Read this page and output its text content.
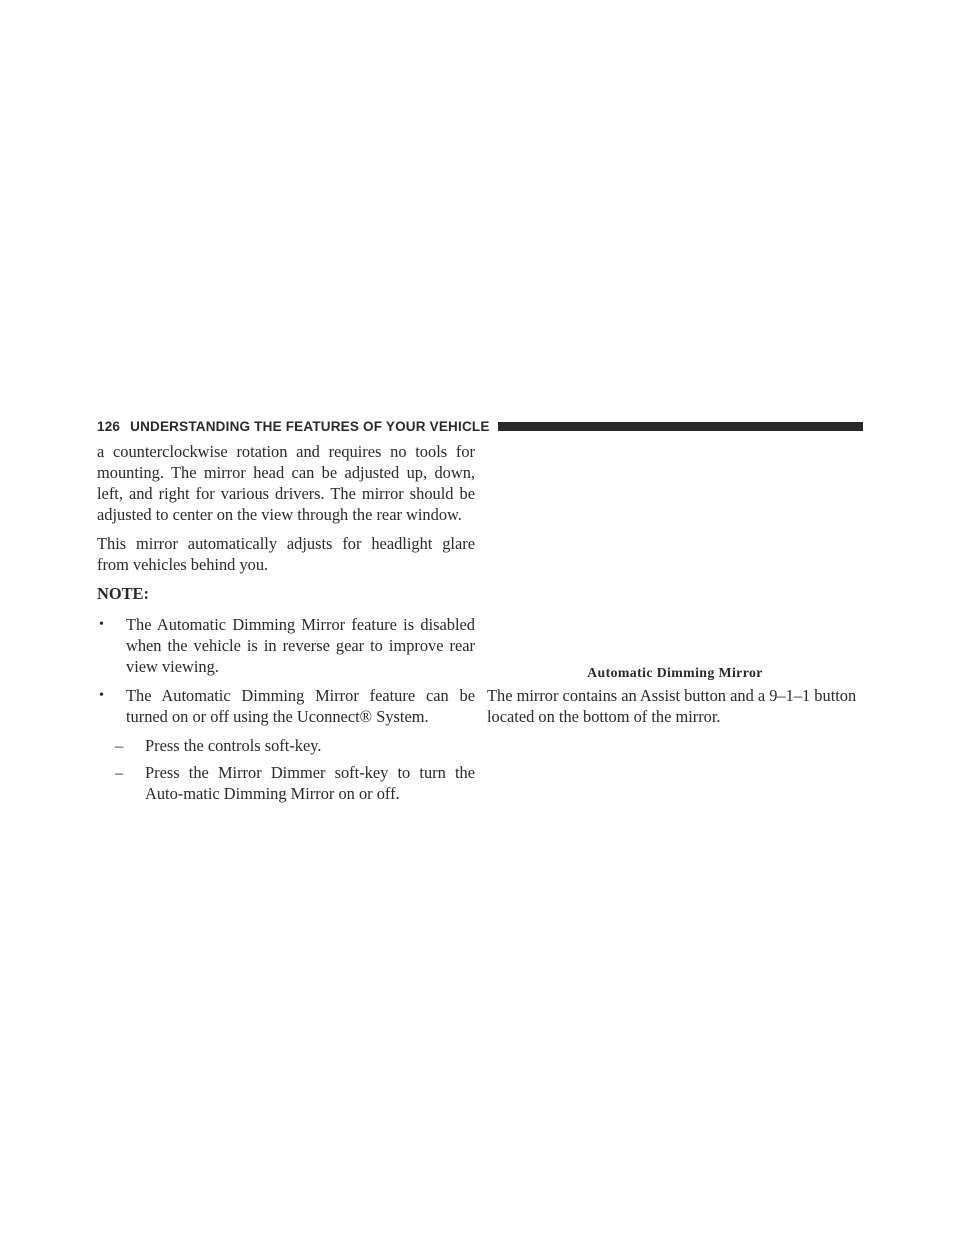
126 UNDERSTANDING THE FEATURES OF YOUR VEHICLE

a counterclockwise rotation and requires no tools for mounting. The mirror head can be adjusted up, down, left, and right for various drivers. The mirror should be adjusted to center on the view through the rear window.

This mirror automatically adjusts for headlight glare from vehicles behind you.

NOTE:
• The Automatic Dimming Mirror feature is disabled when the vehicle is in reverse gear to improve rear view viewing.
• The Automatic Dimming Mirror feature can be turned on or off using the Uconnect® System.
– Press the controls soft-key.
– Press the Mirror Dimmer soft-key to turn the Auto-matic Dimming Mirror on or off.
Automatic Dimming Mirror

The mirror contains an Assist button and a 9–1–1 button located on the bottom of the mirror.
